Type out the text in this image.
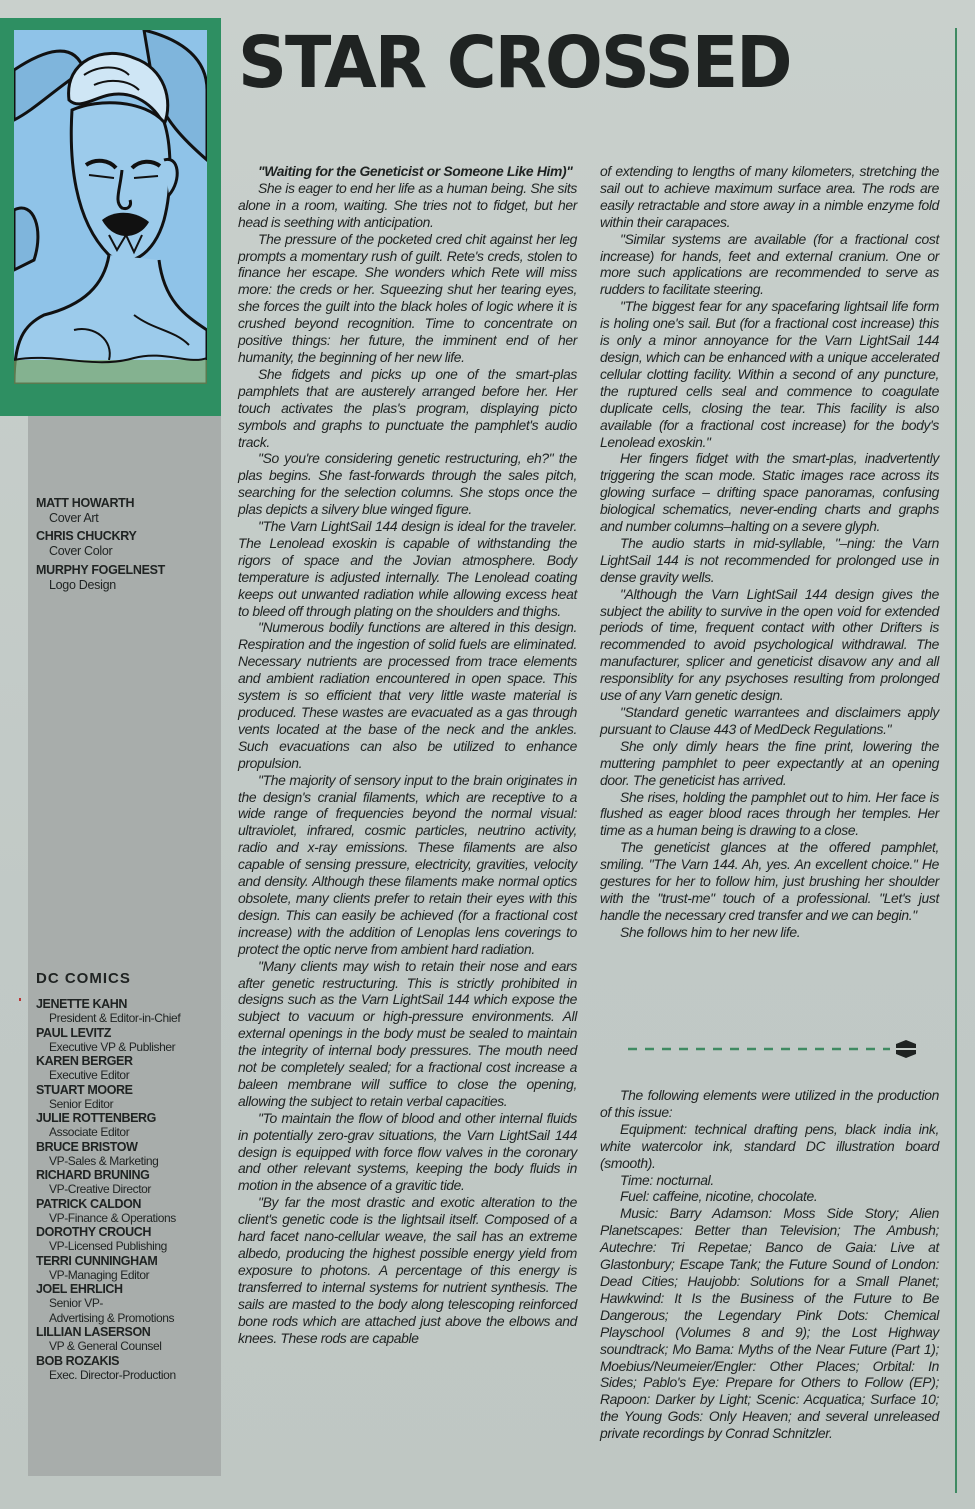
MATT HOWARTH
Cover Art
CHRIS CHUCKRY
Cover Color
MURPHY FOGELNEST
Logo Design
DC COMICS
JENETTE KAHN
President & Editor-in-Chief
PAUL LEVITZ
Executive VP & Publisher
KAREN BERGER
Executive Editor
STUART MOORE
Senior Editor
JULIE ROTTENBERG
Associate Editor
BRUCE BRISTOW
VP-Sales & Marketing
RICHARD BRUNING
VP-Creative Director
PATRICK CALDON
VP-Finance & Operations
DOROTHY CROUCH
VP-Licensed Publishing
TERRI CUNNINGHAM
VP-Managing Editor
JOEL EHRLICH
Senior VP-
Advertising & Promotions
LILLIAN LASERSON
VP & General Counsel
BOB ROZAKIS
Exec. Director-Production
STAR CROSSED

"Waiting for the Geneticist or Someone Like Him)"

She is eager to end her life as a human being. She sits alone in a room, waiting. She tries not to fidget, but her head is seething with anticipation.

The pressure of the pocketed cred chit against her leg prompts a momentary rush of guilt. Rete's creds, stolen to finance her escape. She wonders which Rete will miss more: the creds or her. Squeezing shut her tearing eyes, she forces the guilt into the black holes of logic where it is crushed beyond recognition. Time to concentrate on positive things: her future, the imminent end of her humanity, the beginning of her new life.

She fidgets and picks up one of the smart-plas pamphlets that are austerely arranged before her. Her touch activates the plas's program, displaying picto symbols and graphs to punctuate the pamphlet's audio track.

"So you're considering genetic restructuring, eh?" the plas begins. She fast-forwards through the sales pitch, searching for the selection columns. She stops once the plas depicts a silvery blue winged figure.

"The Varn LightSail 144 design is ideal for the traveler. The Lenolead exoskin is capable of withstanding the rigors of space and the Jovian atmosphere. Body temperature is adjusted internally. The Lenolead coating keeps out unwanted radiation while allowing excess heat to bleed off through plating on the shoulders and thighs.

"Numerous bodily functions are altered in this design. Respiration and the ingestion of solid fuels are eliminated. Necessary nutrients are processed from trace elements and ambient radiation encountered in open space. This system is so efficient that very little waste material is produced. These wastes are evacuated as a gas through vents located at the base of the neck and the ankles. Such evacuations can also be utilized to enhance propulsion.

"The majority of sensory input to the brain originates in the design's cranial filaments, which are receptive to a wide range of frequencies beyond the normal visual: ultraviolet, infrared, cosmic particles, neutrino activity, radio and x-ray emissions. These filaments are also capable of sensing pressure, electricity, gravities, velocity and density. Although these filaments make normal optics obsolete, many clients prefer to retain their eyes with this design. This can easily be achieved (for a fractional cost increase) with the addition of Lenoplas lens coverings to protect the optic nerve from ambient hard radiation.

"Many clients may wish to retain their nose and ears after genetic restructuring. This is strictly prohibited in designs such as the Varn LightSail 144 which expose the subject to vacuum or high-pressure environments. All external openings in the body must be sealed to maintain the integrity of internal body pressures. The mouth need not be completely sealed; for a fractional cost increase a baleen membrane will suffice to close the opening, allowing the subject to retain verbal capacities.

"To maintain the flow of blood and other internal fluids in potentially zero-grav situations, the Varn LightSail 144 design is equipped with force flow valves in the coronary and other relevant systems, keeping the body fluids in motion in the absence of a gravitic tide.

"By far the most drastic and exotic alteration to the client's genetic code is the lightsail itself. Composed of a hard facet nano-cellular weave, the sail has an extreme albedo, producing the highest possible energy yield from exposure to photons. A percentage of this energy is transferred to internal systems for nutrient synthesis. The sails are masted to the body along telescoping reinforced bone rods which are attached just above the elbows and knees. These rods are capable

of extending to lengths of many kilometers, stretching the sail out to achieve maximum surface area. The rods are easily retractable and store away in a nimble enzyme fold within their carapaces.

"Similar systems are available (for a fractional cost increase) for hands, feet and external cranium. One or more such applications are recommended to serve as rudders to facilitate steering.

"The biggest fear for any spacefaring lightsail life form is holing one's sail. But (for a fractional cost increase) this is only a minor annoyance for the Varn LightSail 144 design, which can be enhanced with a unique accelerated cellular clotting facility. Within a second of any puncture, the ruptured cells seal and commence to coagulate duplicate cells, closing the tear. This facility is also available (for a fractional cost increase) for the body's Lenolead exoskin."

Her fingers fidget with the smart-plas, inadvertently triggering the scan mode. Static images race across its glowing surface – drifting space panoramas, confusing biological schematics, never-ending charts and graphs and number columns–halting on a severe glyph.

The audio starts in mid-syllable, "–ning: the Varn LightSail 144 is not recommended for prolonged use in dense gravity wells.

"Although the Varn LightSail 144 design gives the subject the ability to survive in the open void for extended periods of time, frequent contact with other Drifters is recommended to avoid psychological withdrawal. The manufacturer, splicer and geneticist disavow any and all responsiblity for any psychoses resulting from prolonged use of any Varn genetic design.

"Standard genetic warrantees and disclaimers apply pursuant to Clause 443 of MedDeck Regulations."

She only dimly hears the fine print, lowering the muttering pamphlet to peer expectantly at an opening door. The geneticist has arrived.

She rises, holding the pamphlet out to him. Her face is flushed as eager blood races through her temples. Her time as a human being is drawing to a close.

The geneticist glances at the offered pamphlet, smiling. "The Varn 144. Ah, yes. An excellent choice." He gestures for her to follow him, just brushing her shoulder with the "trust-me" touch of a professional. "Let's just handle the necessary cred transfer and we can begin."

She follows him to her new life.

The following elements were utilized in the production of this issue:

Equipment: technical drafting pens, black india ink, white watercolor ink, standard DC illustration board (smooth).

Time: nocturnal.

Fuel: caffeine, nicotine, chocolate.

Music: Barry Adamson: Moss Side Story; Alien Planetscapes: Better than Television; The Ambush; Autechre: Tri Repetae; Banco de Gaia: Live at Glastonbury; Escape Tank; the Future Sound of London: Dead Cities; Haujobb: Solutions for a Small Planet; Hawkwind: It Is the Business of the Future to Be Dangerous; the Legendary Pink Dots: Chemical Playschool (Volumes 8 and 9); the Lost Highway soundtrack; Mo Bama: Myths of the Near Future (Part 1); Moebius/Neumeier/Engler: Other Places; Orbital: In Sides; Pablo's Eye: Prepare for Others to Follow (EP); Rapoon: Darker by Light; Scenic: Acquatica; Surface 10; the Young Gods: Only Heaven; and several unreleased private recordings by Conrad Schnitzler.
